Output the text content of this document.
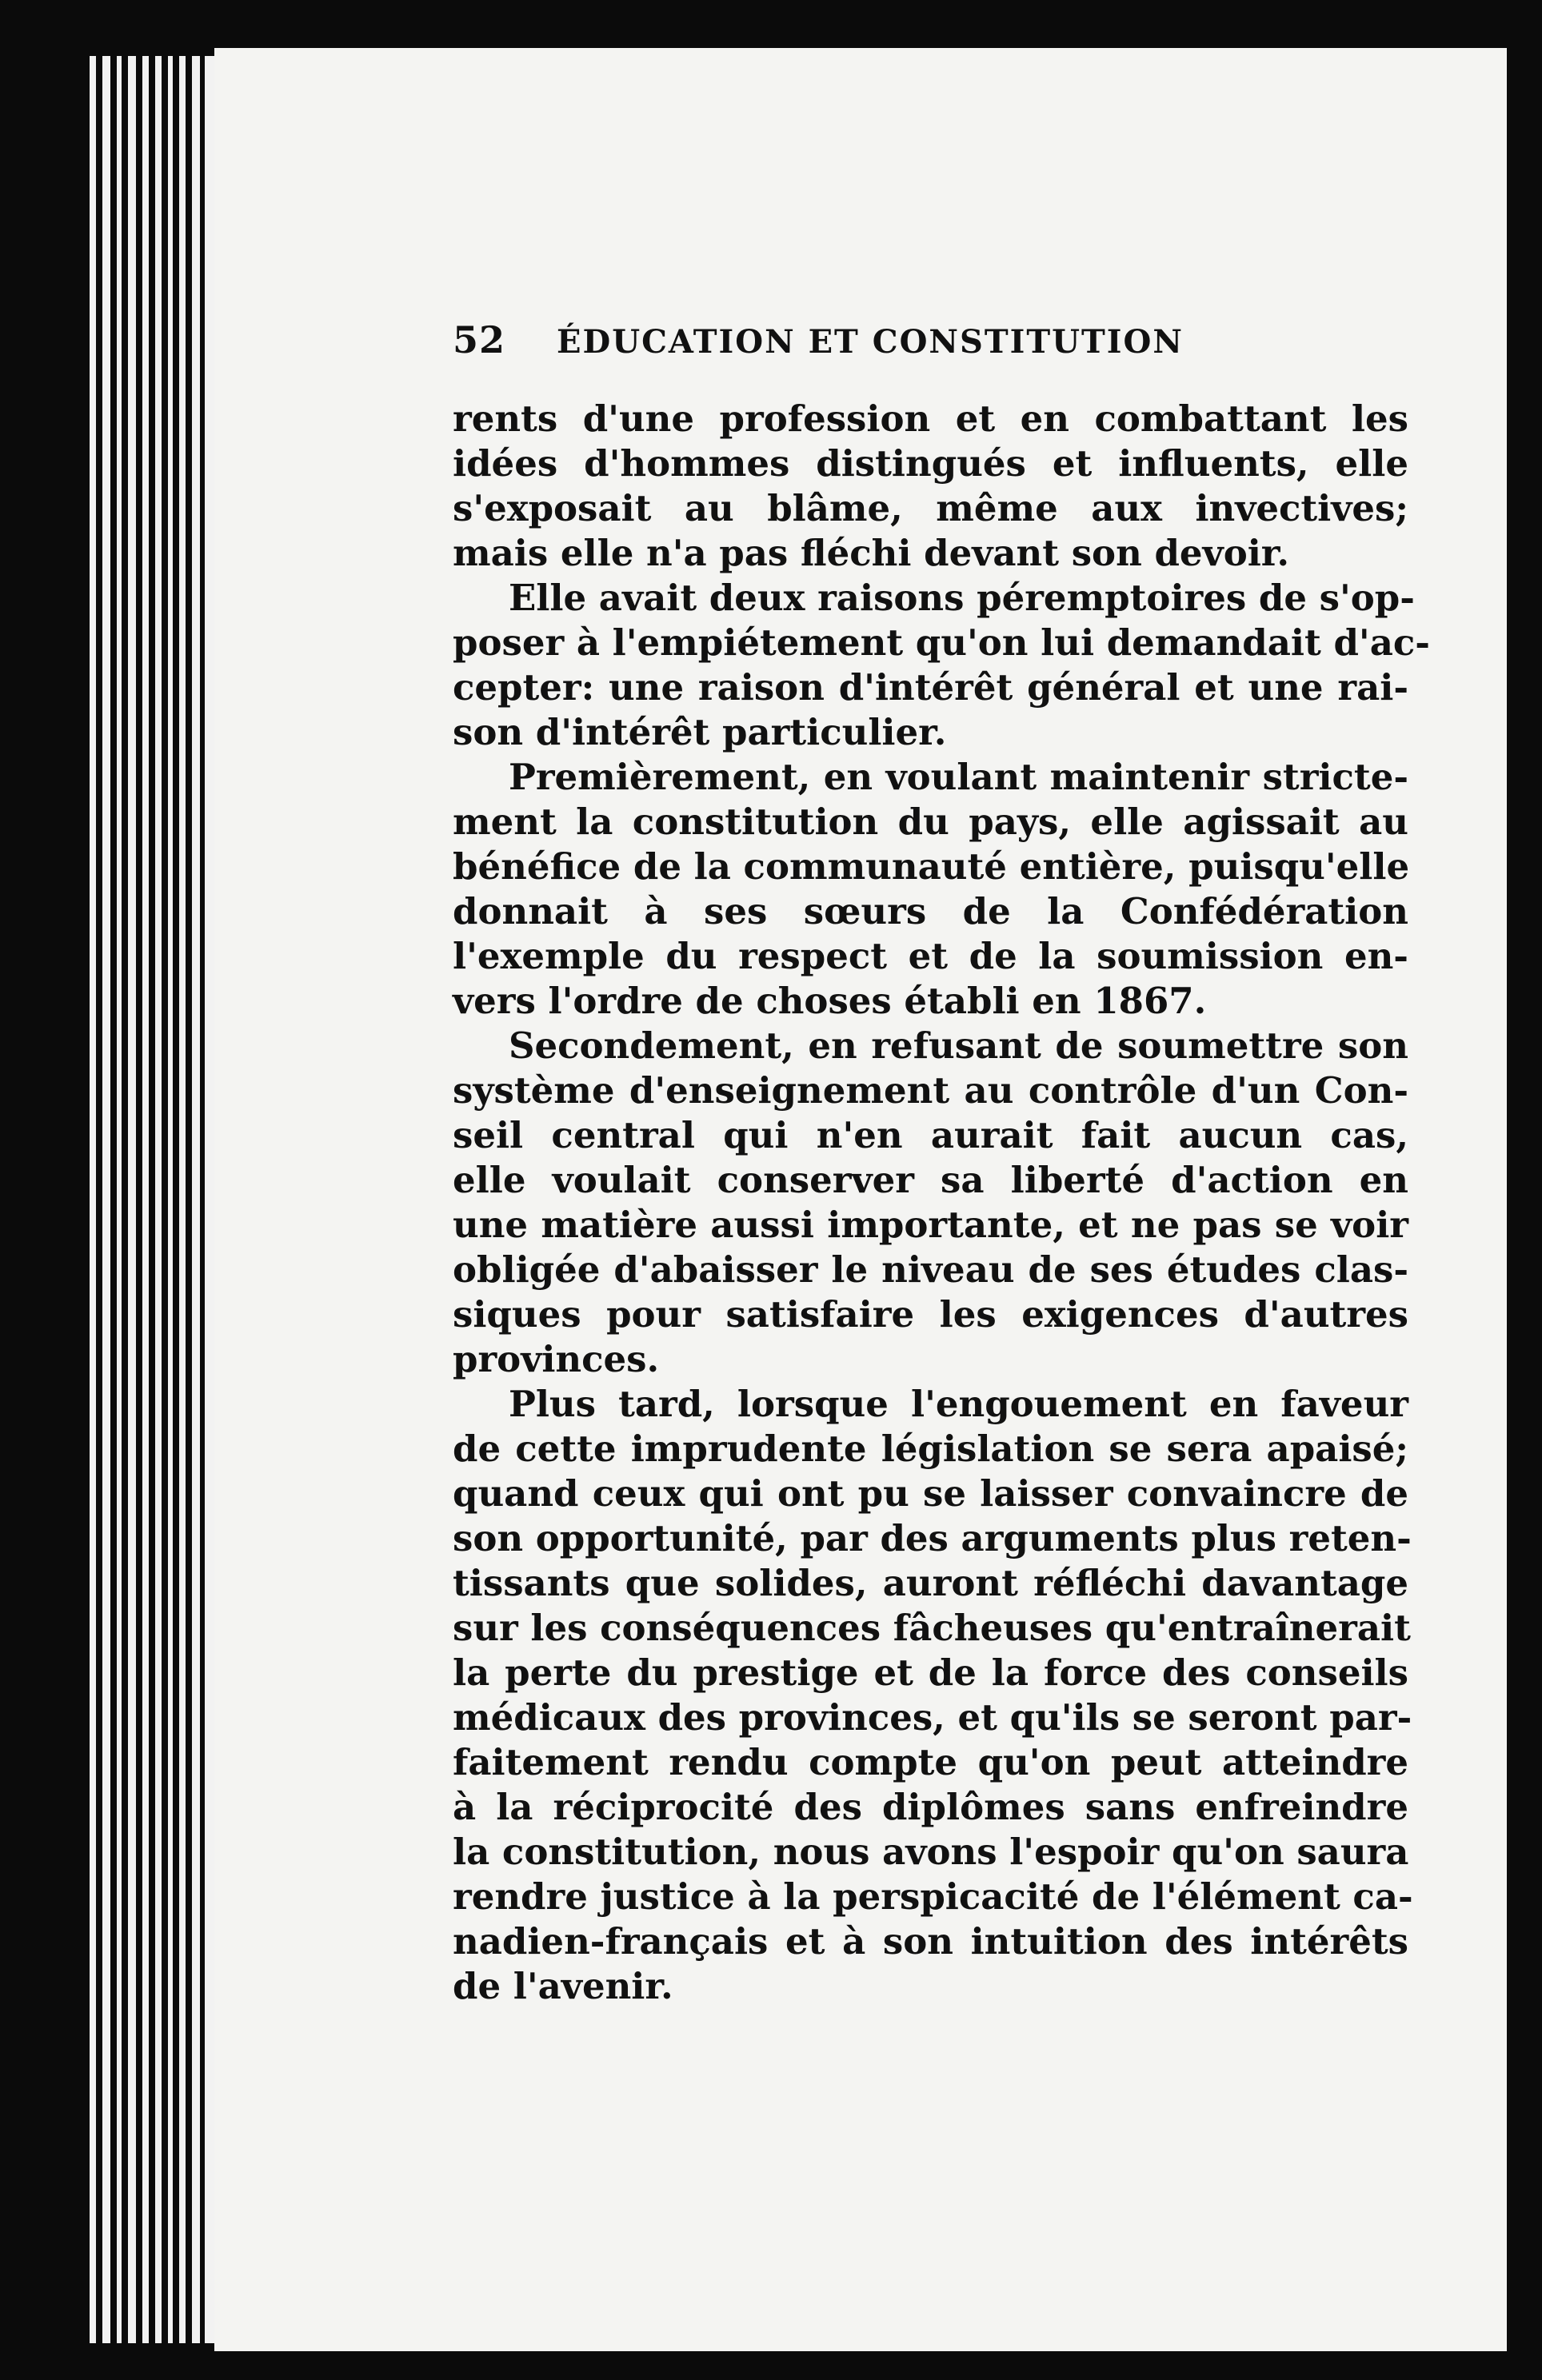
52 ÉDUCATION ET CONSTITUTION

rents d'une profession et en combattant les
idées d'hommes distingués et influents, elle
s'exposait au blâme, même aux invectives;
mais elle n'a pas fléchi devant son devoir.

Elle avait deux raisons péremptoires de s'op-
poser à l'empiétement qu'on lui demandait d'ac-
cepter: une raison d'intérêt général et une rai-
son d'intérêt particulier.

Premièrement, en voulant maintenir stricte-
ment la constitution du pays, elle agissait au
bénéfice de la communauté entière, puisqu'elle
donnait à ses sœurs de la Confédération
l'exemple du respect et de la soumission en-
vers l'ordre de choses établi en 1867.

Secondement, en refusant de soumettre son
système d'enseignement au contrôle d'un Con-
seil central qui n'en aurait fait aucun cas,
elle voulait conserver sa liberté d'action en
une matière aussi importante, et ne pas se voir
obligée d'abaisser le niveau de ses études clas-
siques pour satisfaire les exigences d'autres
provinces.

Plus tard, lorsque l'engouement en faveur
de cette imprudente législation se sera apaisé;
quand ceux qui ont pu se laisser convaincre de
son opportunité, par des arguments plus reten-
tissants que solides, auront réfléchi davantage
sur les conséquences fâcheuses qu'entraînerait
la perte du prestige et de la force des conseils
médicaux des provinces, et qu'ils se seront par-
faitement rendu compte qu'on peut atteindre
à la réciprocité des diplômes sans enfreindre
la constitution, nous avons l'espoir qu'on saura
rendre justice à la perspicacité de l'élément ca-
nadien-français et à son intuition des intérêts
de l'avenir.
